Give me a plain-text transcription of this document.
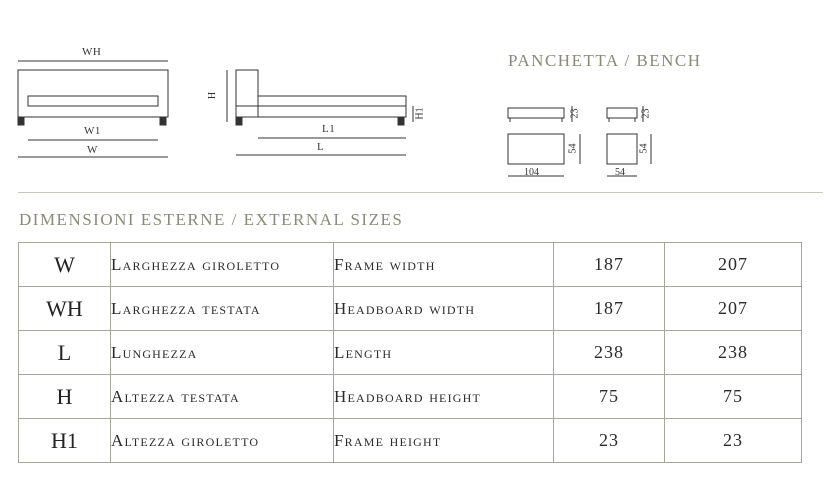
WH
W1
W
H
H1
L1
L
PANCHETTA / BENCH
23
54
104
23
54
54
DIMENSIONI ESTERNE / EXTERNAL SIZES
W	Larghezza giroletto	Frame width	187	207
WH	Larghezza testata	Headboard width	187	207
L	Lunghezza	Length	238	238
H	Altezza testata	Headboard height	75	75
H1	Altezza giroletto	Frame height	23	23
